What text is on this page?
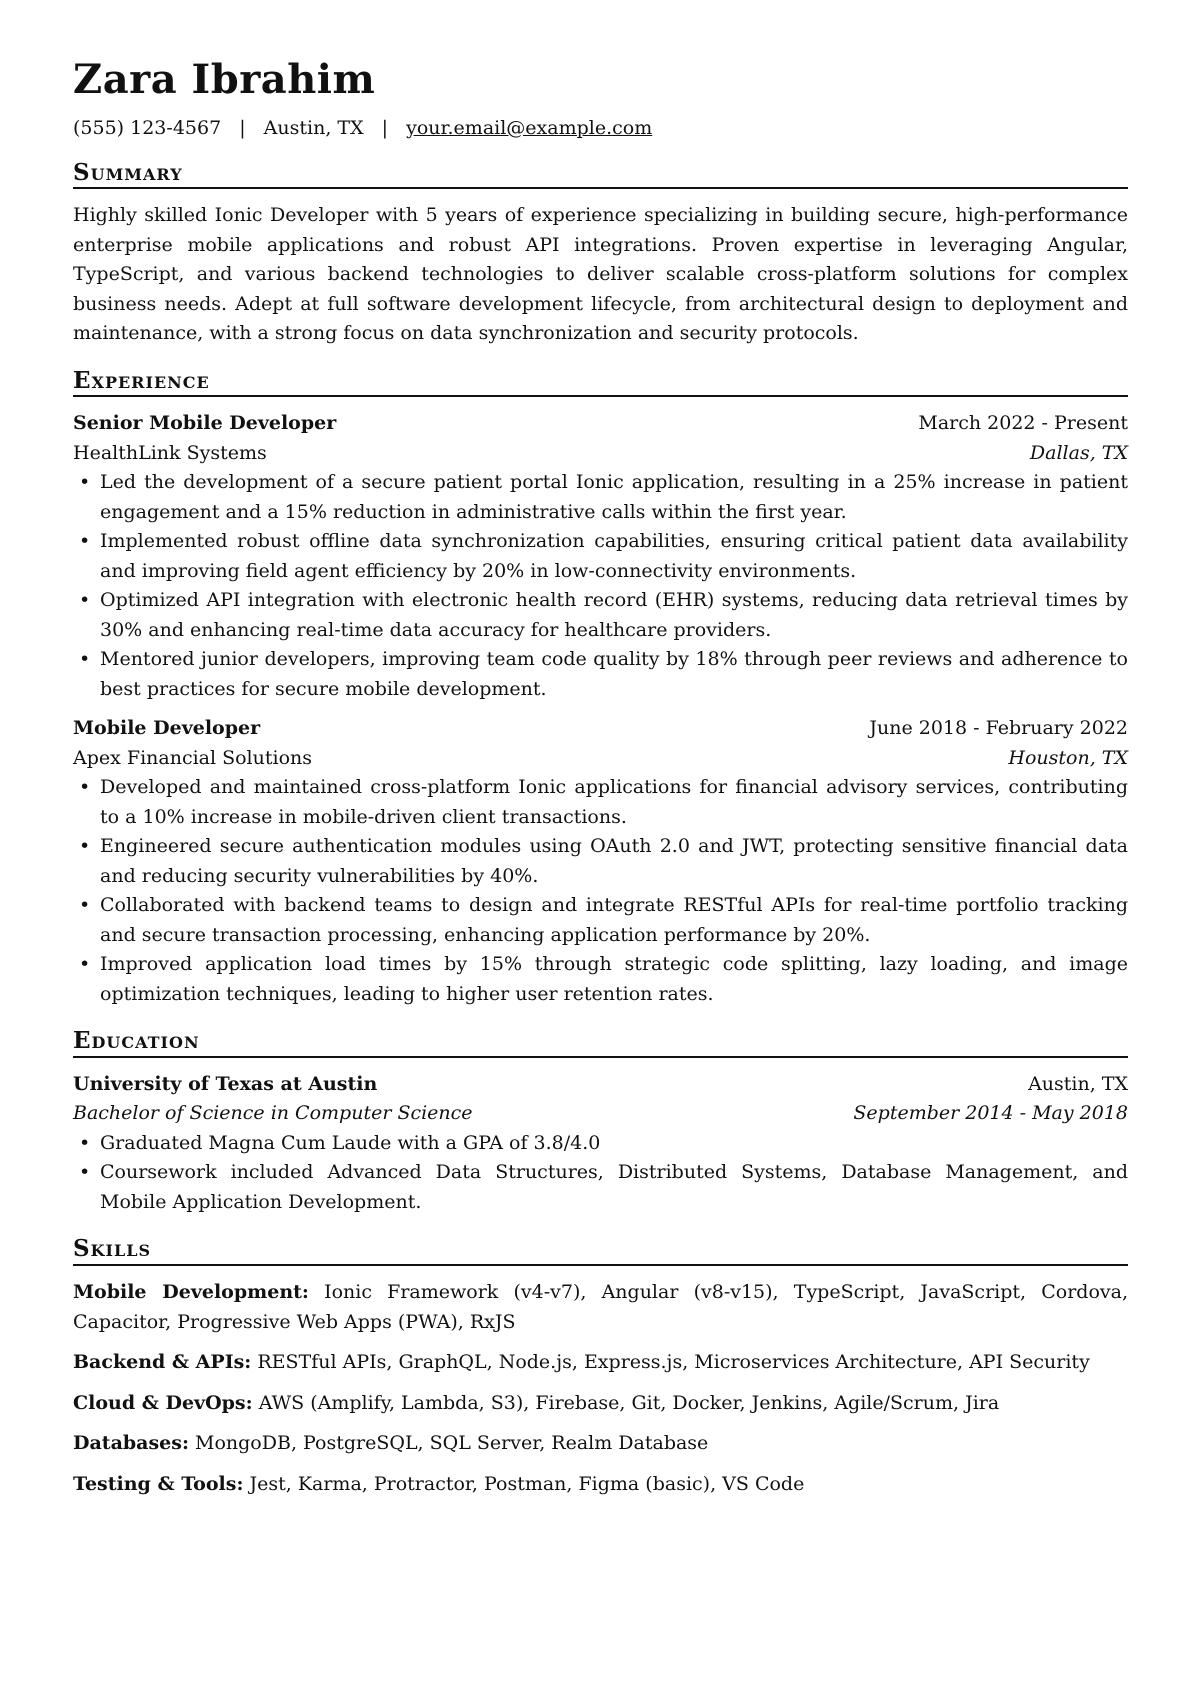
Zara Ibrahim
(555) 123-4567 | Austin, TX | your.email@example.com
Summary

Highly skilled Ionic Developer with 5 years of experience specializing in building secure, high-performance enterprise mobile applications and robust API integrations. Proven expertise in leveraging Angular, TypeScript, and various backend technologies to deliver scalable cross-platform solutions for complex business needs. Adept at full software development lifecycle, from architectural design to deployment and maintenance, with a strong focus on data synchronization and security protocols.

Experience
Senior Mobile Developer	March 2022 - Present
HealthLink Systems	Dallas, TX
• Led the development of a secure patient portal Ionic application, resulting in a 25% increase in patient engagement and a 15% reduction in administrative calls within the first year.
• Implemented robust offline data synchronization capabilities, ensuring critical patient data availability and improving field agent efficiency by 20% in low-connectivity environments.
• Optimized API integration with electronic health record (EHR) systems, reducing data retrieval times by 30% and enhancing real-time data accuracy for healthcare providers.
• Mentored junior developers, improving team code quality by 18% through peer reviews and adherence to best practices for secure mobile development.
Mobile Developer	June 2018 - February 2022
Apex Financial Solutions	Houston, TX
• Developed and maintained cross-platform Ionic applications for financial advisory services, contributing to a 10% increase in mobile-driven client transactions.
• Engineered secure authentication modules using OAuth 2.0 and JWT, protecting sensitive financial data and reducing security vulnerabilities by 40%.
• Collaborated with backend teams to design and integrate RESTful APIs for real-time portfolio tracking and secure transaction processing, enhancing application performance by 20%.
• Improved application load times by 15% through strategic code splitting, lazy loading, and image optimization techniques, leading to higher user retention rates.
Education
University of Texas at Austin	Austin, TX
Bachelor of Science in Computer Science	September 2014 - May 2018
• Graduated Magna Cum Laude with a GPA of 3.8/4.0
• Coursework included Advanced Data Structures, Distributed Systems, Database Management, and Mobile Application Development.
Skills
Mobile Development: Ionic Framework (v4-v7), Angular (v8-v15), TypeScript, JavaScript, Cordova, Capacitor, Progressive Web Apps (PWA), RxJS
Backend & APIs: RESTful APIs, GraphQL, Node.js, Express.js, Microservices Architecture, API Security
Cloud & DevOps: AWS (Amplify, Lambda, S3), Firebase, Git, Docker, Jenkins, Agile/Scrum, Jira
Databases: MongoDB, PostgreSQL, SQL Server, Realm Database
Testing & Tools: Jest, Karma, Protractor, Postman, Figma (basic), VS Code
